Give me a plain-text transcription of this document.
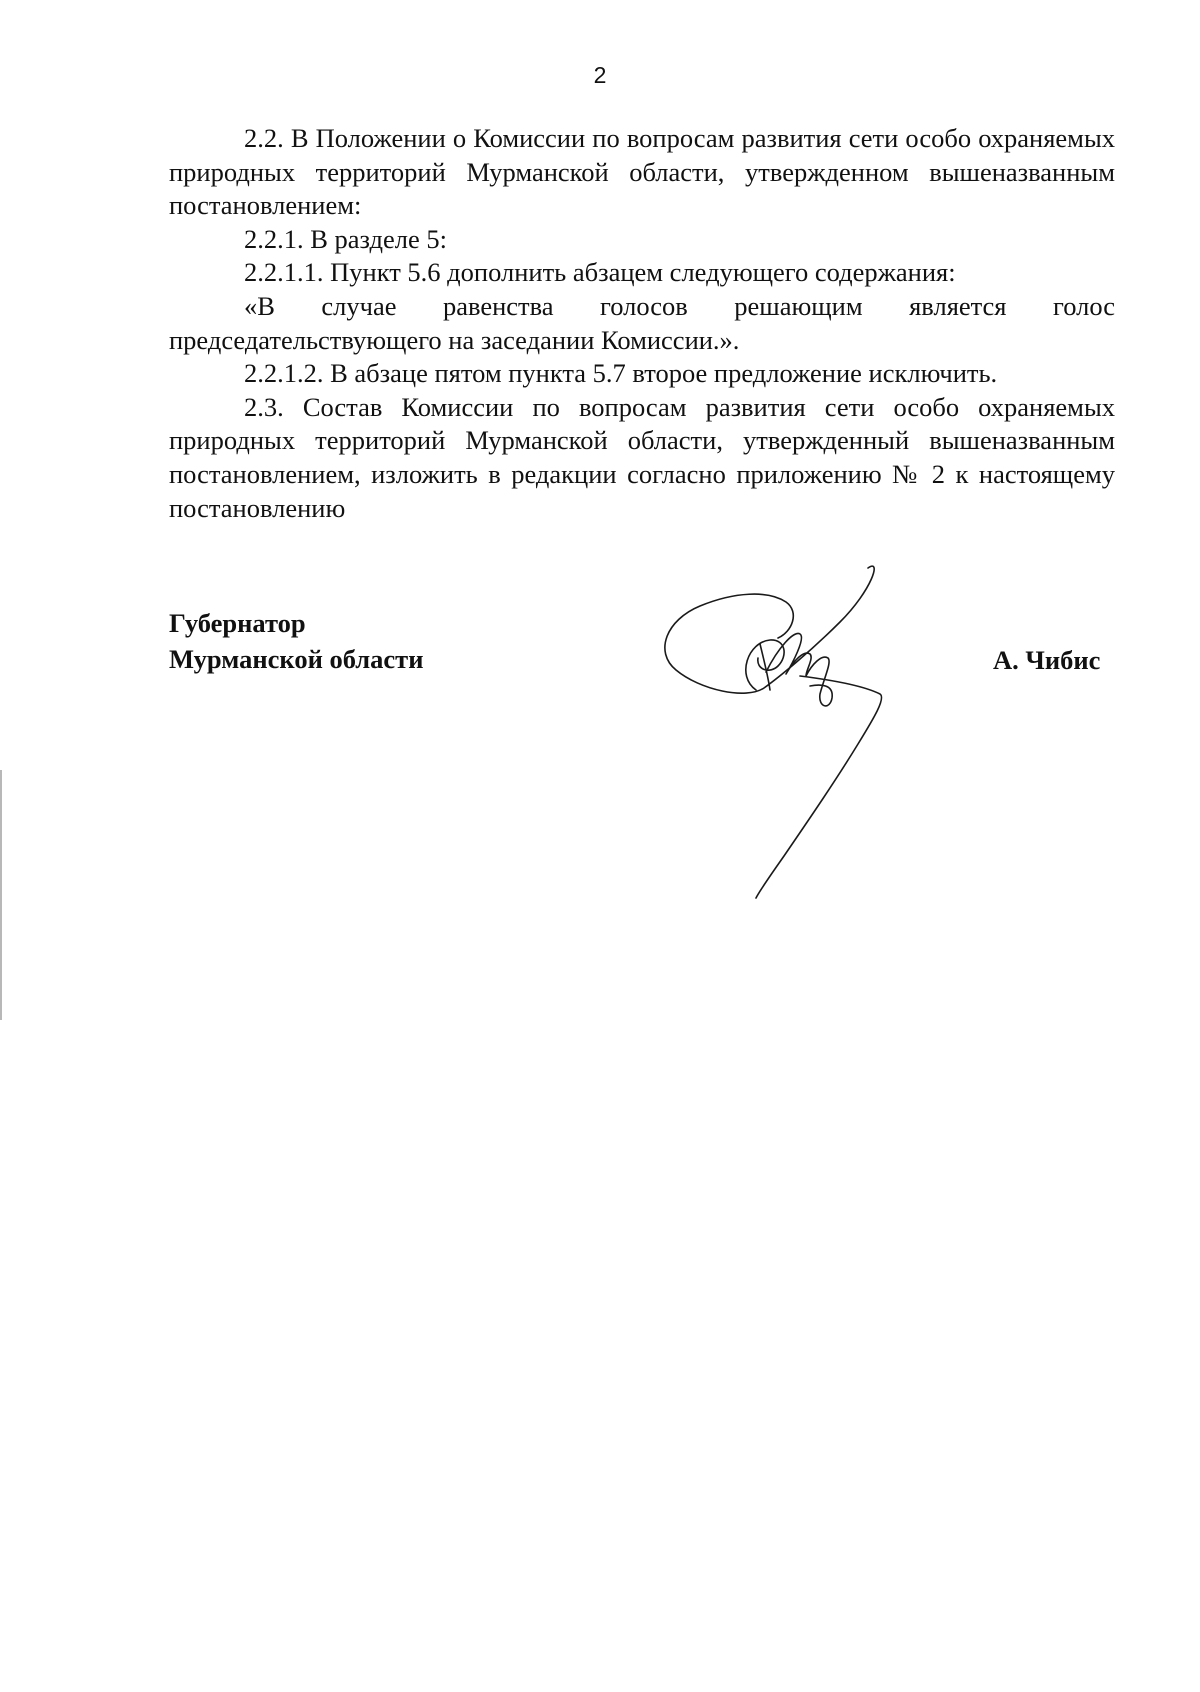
2

2.2. В Положении о Комиссии по вопросам развития сети особо охраняемых природных территорий Мурманской области, утвержденном вышеназванным постановлением:

2.2.1. В разделе 5:

2.2.1.1. Пункт 5.6 дополнить абзацем следующего содержания:

«В случае равенства голосов решающим является голос председательствующего на заседании Комиссии.».

2.2.1.2. В абзаце пятом пункта 5.7 второе предложение исключить.

2.3. Состав Комиссии по вопросам развития сети особо охраняемых природных территорий Мурманской области, утвержденный вышеназванным постановлением, изложить в редакции согласно приложению № 2 к настоящему постановлению

Губернатор
Мурманской области	А. Чибис
